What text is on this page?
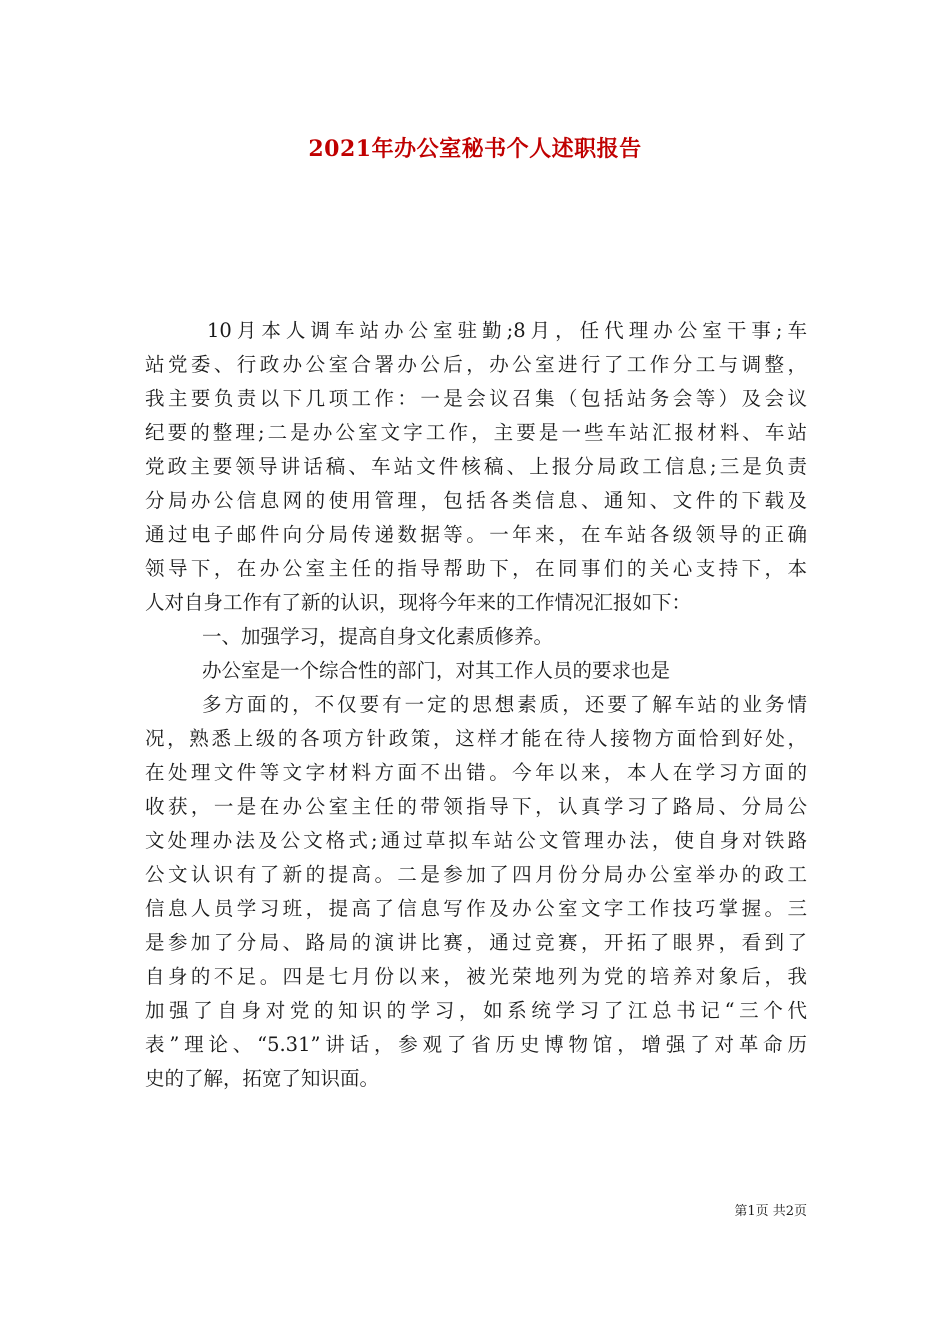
2021年办公室秘书个人述职报告
10月本人调车站办公室驻勤;8月，任代理办公室干事;车
站党委、行政办公室合署办公后，办公室进行了工作分工与调整，
我主要负责以下几项工作：一是会议召集（包括站务会等）及会议
纪要的整理;二是办公室文字工作，主要是一些车站汇报材料、车站
党政主要领导讲话稿、车站文件核稿、上报分局政工信息;三是负责
分局办公信息网的使用管理，包括各类信息、通知、文件的下载及
通过电子邮件向分局传递数据等。一年来，在车站各级领导的正确
领导下，在办公室主任的指导帮助下，在同事们的关心支持下，本
人对自身工作有了新的认识，现将今年来的工作情况汇报如下：
一、加强学习，提高自身文化素质修养。
办公室是一个综合性的部门，对其工作人员的要求也是
多方面的，不仅要有一定的思想素质，还要了解车站的业务情
况，熟悉上级的各项方针政策，这样才能在待人接物方面恰到好处，
在处理文件等文字材料方面不出错。今年以来，本人在学习方面的
收获，一是在办公室主任的带领指导下，认真学习了路局、分局公
文处理办法及公文格式;通过草拟车站公文管理办法，使自身对铁路
公文认识有了新的提高。二是参加了四月份分局办公室举办的政工
信息人员学习班，提高了信息写作及办公室文字工作技巧掌握。三
是参加了分局、路局的演讲比赛，通过竞赛，开拓了眼界，看到了
自身的不足。四是七月份以来，被光荣地列为党的培养对象后，我
加强了自身对党的知识的学习，如系统学习了江总书记“三个代
表”理论、“5.31”讲话，参观了省历史博物馆，增强了对革命历
史的了解，拓宽了知识面。
第1页 共2页
